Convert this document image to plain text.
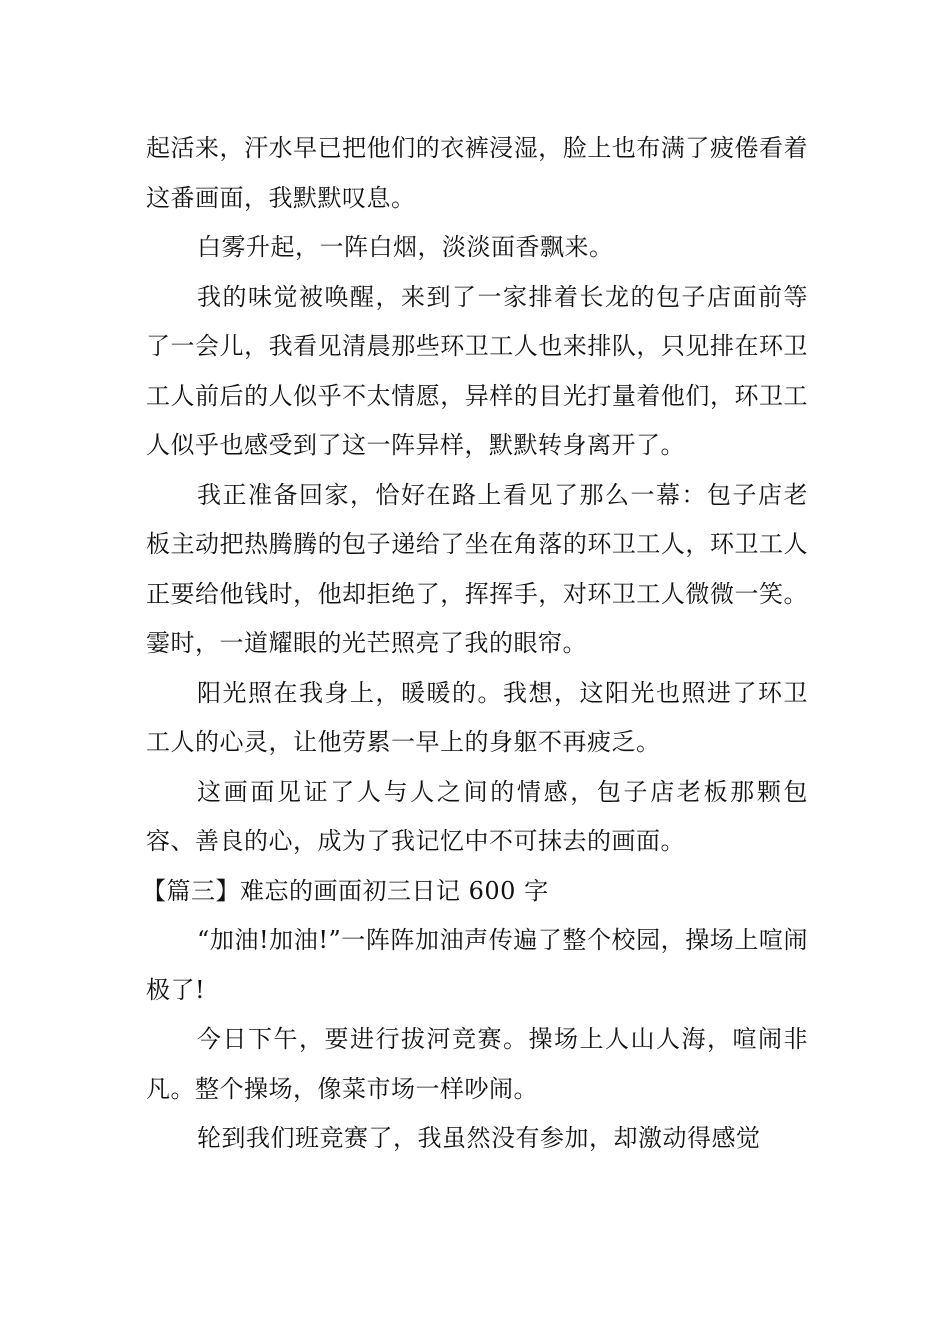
起活来，汗水早已把他们的衣裤浸湿，脸上也布满了疲倦看着这番画面，我默默叹息。

白雾升起，一阵白烟，淡淡面香飘来。

我的味觉被唤醒，来到了一家排着长龙的包子店面前等了一会儿，我看见清晨那些环卫工人也来排队，只见排在环卫工人前后的人似乎不太情愿，异样的目光打量着他们，环卫工人似乎也感受到了这一阵异样，默默转身离开了。

我正准备回家，恰好在路上看见了那么一幕：包子店老板主动把热腾腾的包子递给了坐在角落的环卫工人，环卫工人正要给他钱时，他却拒绝了，挥挥手，对环卫工人微微一笑。霎时，一道耀眼的光芒照亮了我的眼帘。

阳光照在我身上，暖暖的。我想，这阳光也照进了环卫工人的心灵，让他劳累一早上的身躯不再疲乏。

这画面见证了人与人之间的情感，包子店老板那颗包容、善良的心，成为了我记忆中不可抹去的画面。

【篇三】难忘的画面初三日记 600 字

“加油!加油!”一阵阵加油声传遍了整个校园，操场上喧闹极了!

今日下午，要进行拔河竞赛。操场上人山人海，喧闹非凡。整个操场，像菜市场一样吵闹。

轮到我们班竞赛了，我虽然没有参加，却激动得感觉
